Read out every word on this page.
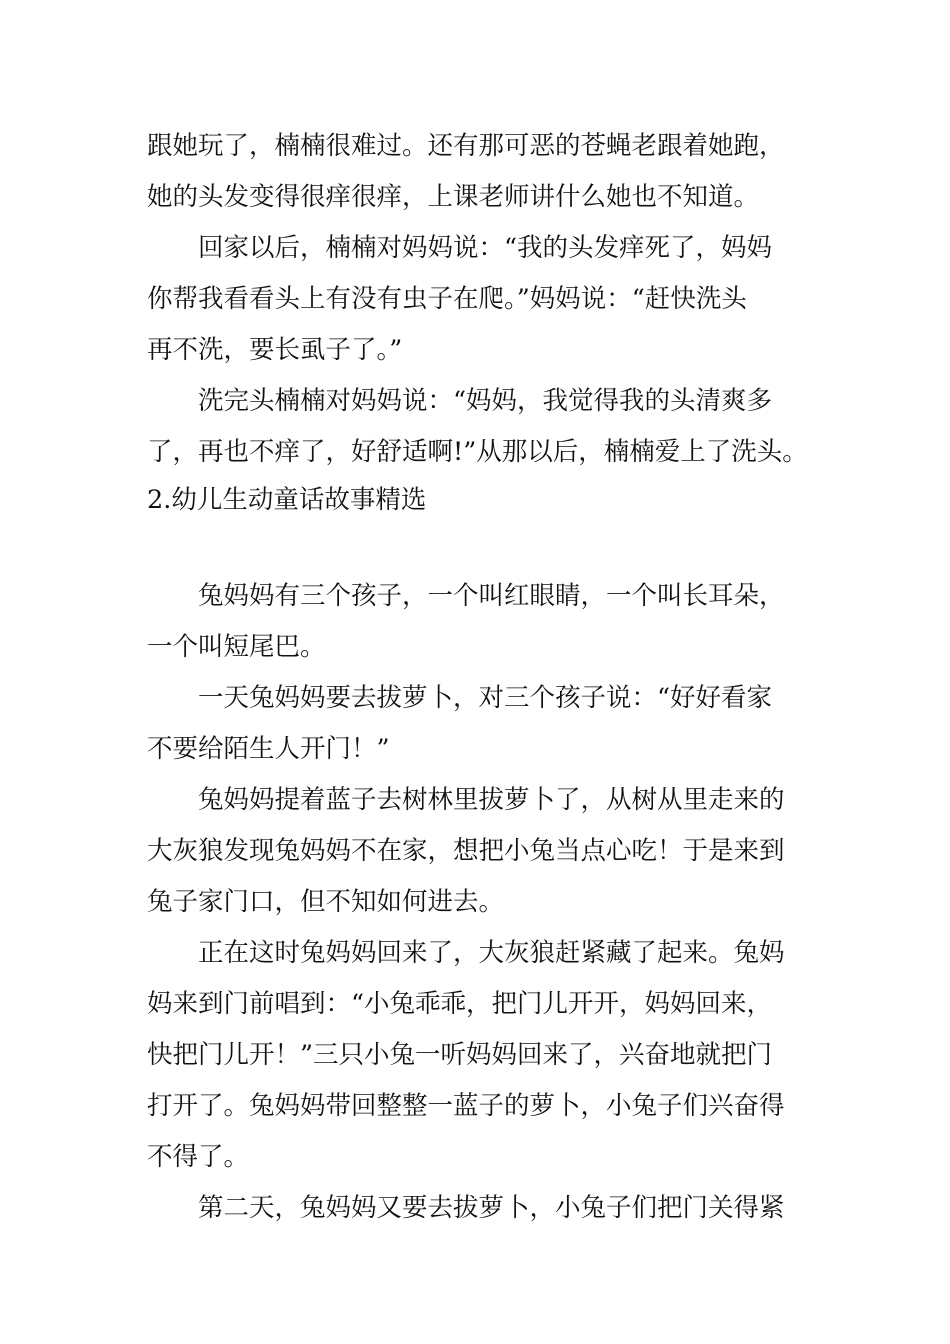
跟她玩了，楠楠很难过。还有那可恶的苍蝇老跟着她跑，
她的头发变得很痒很痒，上课老师讲什么她也不知道。
回家以后，楠楠对妈妈说：“我的头发痒死了，妈妈
你帮我看看头上有没有虫子在爬。”妈妈说：“赶快洗头
再不洗，要长虱子了。”
洗完头楠楠对妈妈说：“妈妈，我觉得我的头清爽多
了，再也不痒了，好舒适啊!”从那以后，楠楠爱上了洗头。
2.幼儿生动童话故事精选
兔妈妈有三个孩子，一个叫红眼睛，一个叫长耳朵，
一个叫短尾巴。
一天兔妈妈要去拔萝卜，对三个孩子说：“好好看家
不要给陌生人开门！”
兔妈妈提着蓝子去树林里拔萝卜了，从树从里走来的
大灰狼发现兔妈妈不在家，想把小兔当点心吃！于是来到
兔子家门口，但不知如何进去。
正在这时兔妈妈回来了，大灰狼赶紧藏了起来。兔妈
妈来到门前唱到：“小兔乖乖，把门儿开开，妈妈回来，
快把门儿开！”三只小兔一听妈妈回来了，兴奋地就把门
打开了。兔妈妈带回整整一蓝子的萝卜，小兔子们兴奋得
不得了。
第二天，兔妈妈又要去拔萝卜，小兔子们把门关得紧
